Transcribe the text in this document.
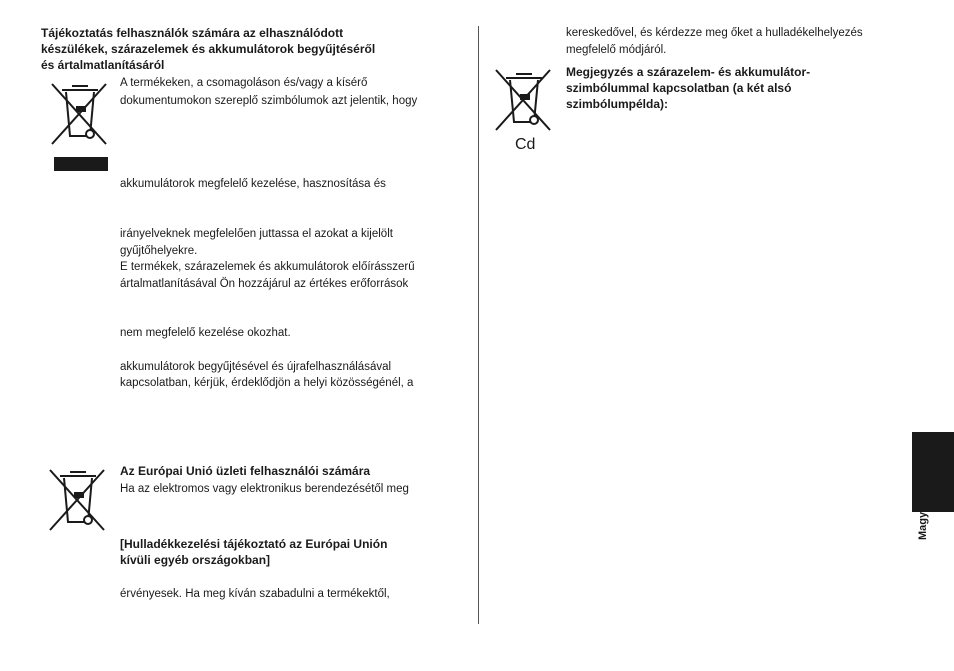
Tájékoztatás felhasználók számára az elhasználódott
készülékek, szárazelemek és akkumulátorok begyűjtéséről
és ártalmatlanításáról
A termékeken, a csomagoláson és/vagy a kísérő
dokumentumokon szereplő szimbólumok azt jelentik, hogy
akkumulátorok megfelelő kezelése, hasznosítása és
irányelveknek megfelelően juttassa el azokat a kijelölt
gyűjtőhelyekre.
E termékek, szárazelemek és akkumulátorok előírásszerű
ártalmatlanításával Ön hozzájárul az értékes erőforrások
nem megfelelő kezelése okozhat.
akkumulátorok begyűjtésével és újrafelhasználásával
kapcsolatban, kérjük, érdeklődjön a helyi közösségénél, a
Az Európai Unió üzleti felhasználói számára
Ha az elektromos vagy elektronikus berendezésétől meg
[Hulladékkezelési tájékoztató az Európai Unión
kívüli egyéb országokban]
érvényesek. Ha meg kíván szabadulni a termékektől,
kereskedővel, és kérdezze meg őket a hulladékelhelyezés
megfelelő módjáról.
Cd
Megjegyzés a szárazelem- és akkumulátor-
szimbólummal kapcsolatban (a két alsó
szimbólumpélda):
Magyar
